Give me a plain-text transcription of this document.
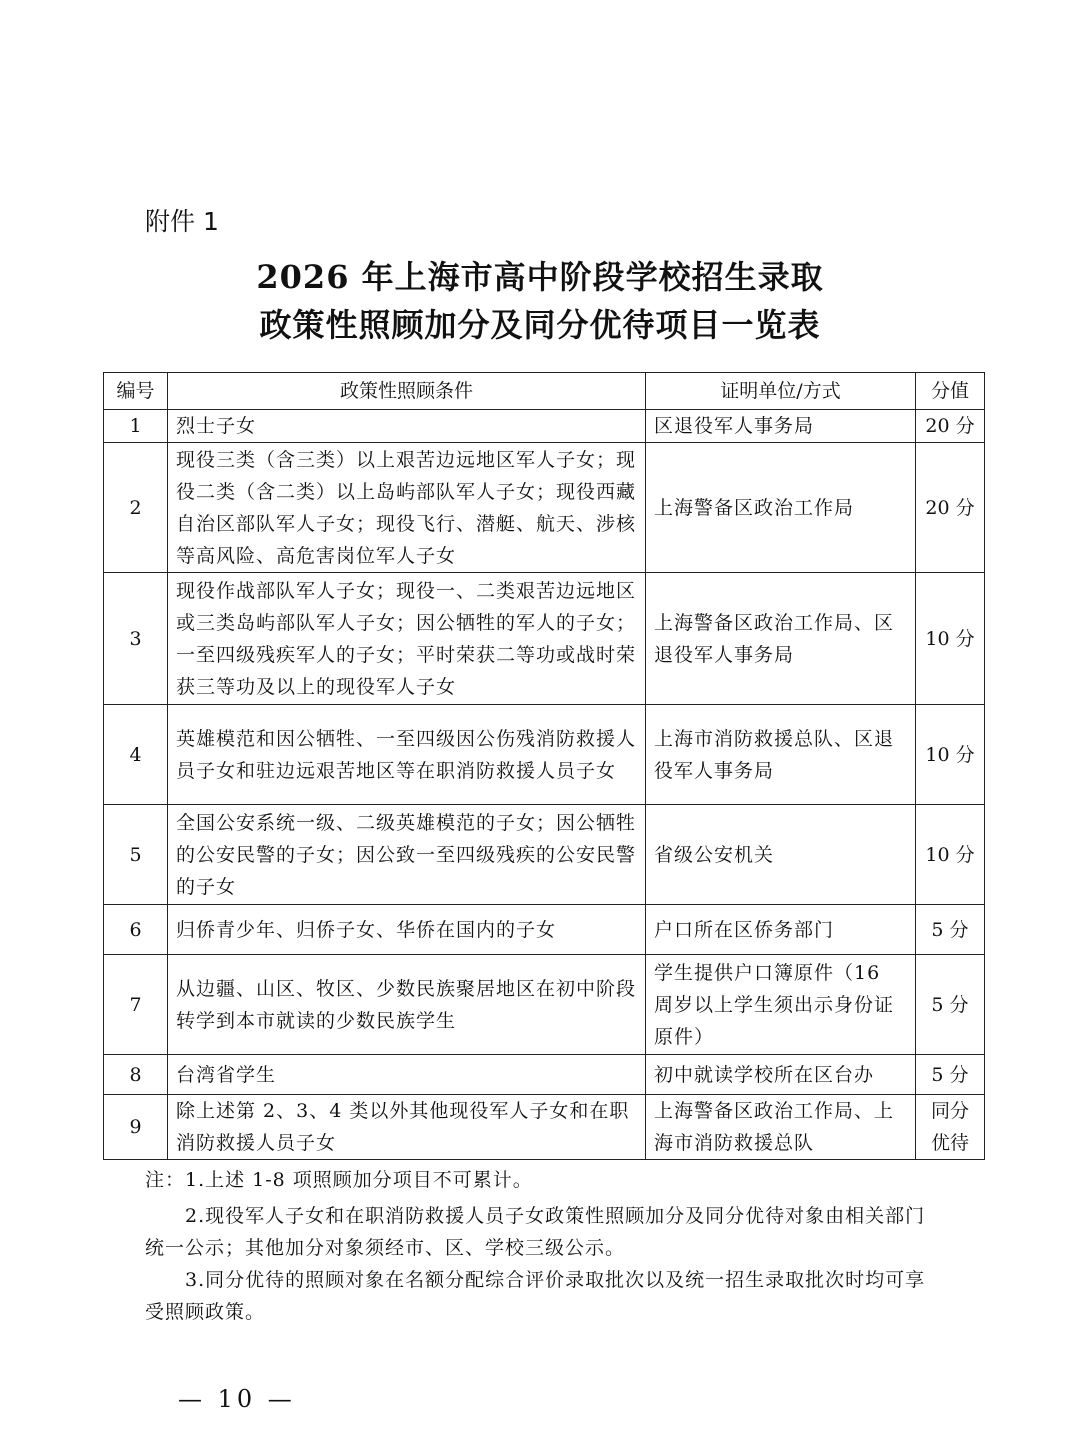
附件 1
2026 年上海市高中阶段学校招生录取
政策性照顾加分及同分优待项目一览表
编号	政策性照顾条件	证明单位/方式	分值
1	烈士子女	区退役军人事务局	20 分
2	现役三类（含三类）以上艰苦边远地区军人子女；现役二类（含二类）以上岛屿部队军人子女；现役西藏自治区部队军人子女；现役飞行、潜艇、航天、涉核等高风险、高危害岗位军人子女	上海警备区政治工作局	20 分
3	现役作战部队军人子女；现役一、二类艰苦边远地区或三类岛屿部队军人子女；因公牺牲的军人的子女；一至四级残疾军人的子女；平时荣获二等功或战时荣获三等功及以上的现役军人子女	上海警备区政治工作局、区退役军人事务局	10 分
4	英雄模范和因公牺牲、一至四级因公伤残消防救援人员子女和驻边远艰苦地区等在职消防救援人员子女	上海市消防救援总队、区退役军人事务局	10 分
5	全国公安系统一级、二级英雄模范的子女；因公牺牲的公安民警的子女；因公致一至四级残疾的公安民警的子女	省级公安机关	10 分
6	归侨青少年、归侨子女、华侨在国内的子女	户口所在区侨务部门	5 分
7	从边疆、山区、牧区、少数民族聚居地区在初中阶段转学到本市就读的少数民族学生	学生提供户口簿原件（16 周岁以上学生须出示身份证原件）	5 分
8	台湾省学生	初中就读学校所在区台办	5 分
9	除上述第 2、3、4 类以外其他现役军人子女和在职消防救援人员子女	上海警备区政治工作局、上海市消防救援总队	同分优待

注：1.上述 1-8 项照顾加分项目不可累计。

2.现役军人子女和在职消防救援人员子女政策性照顾加分及同分优待对象由相关部门统一公示；其他加分对象须经市、区、学校三级公示。

3.同分优待的照顾对象在名额分配综合评价录取批次以及统一招生录取批次时均可享受照顾政策。

— 10 —
